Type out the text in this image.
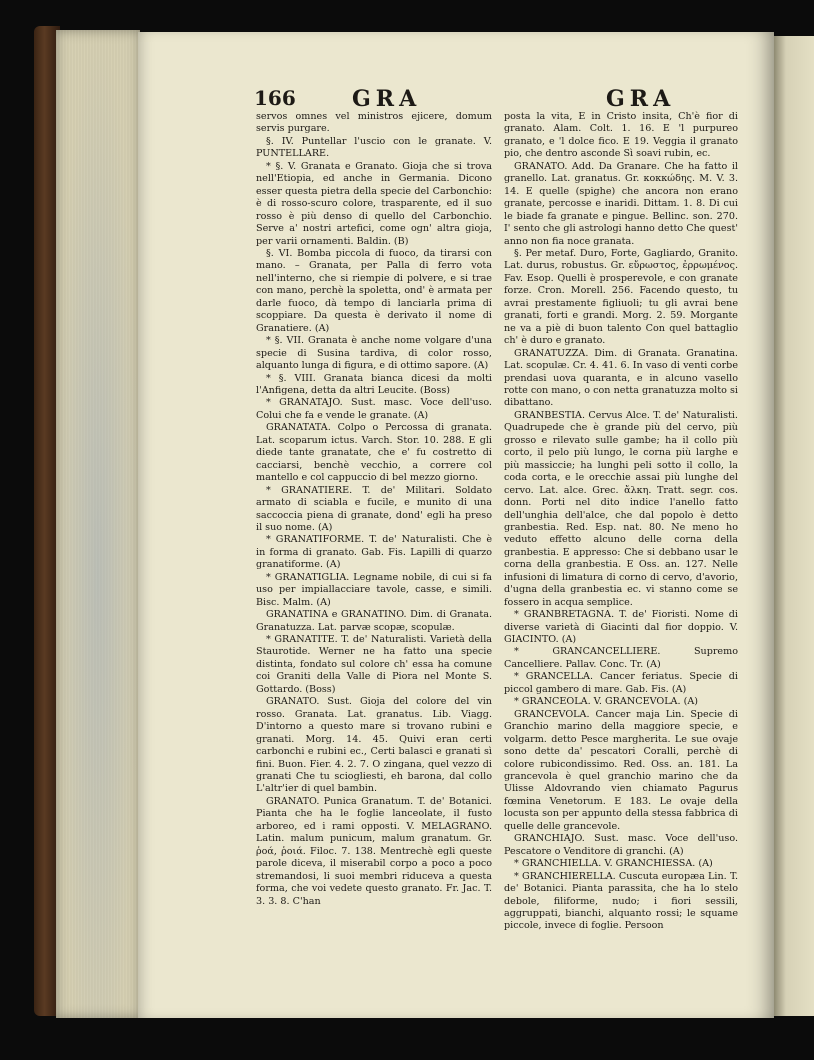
166	GRA	GRA

servos omnes vel ministros ejicere, domum servis purgare.

§. IV. Puntellar l'uscio con le granate. V. PUNTELLARE.

* §. V. Granata e Granato. Gioja che si trova nell'Etiopia, ed anche in Germania. Dicono esser questa pietra della specie del Carbonchio: è di rosso-scuro colore, trasparente, ed il suo rosso è più denso di quello del Carbonchio. Serve a' nostri artefici, come ogn' altra gioja, per varii ornamenti. Baldin. (B)

§. VI. Bomba piccola di fuoco, da tirarsi con mano. – Granata, per Palla di ferro vota nell'interno, che si riempie di polvere, e si trae con mano, perchè la spoletta, ond' è armata per darle fuoco, dà tempo di lanciarla prima di scoppiare. Da questa è derivato il nome di Granatiere. (A)

* §. VII. Granata è anche nome volgare d'una specie di Susina tardiva, di color rosso, alquanto lunga di figura, e di ottimo sapore. (A)

* §. VIII. Granata bianca dicesi da molti l'Anfigena, detta da altri Leucite. (Boss)

* GRANATAJO. Sust. masc. Voce dell'uso. Colui che fa e vende le granate. (A)

GRANATATA. Colpo o Percossa di granata. Lat. scoparum ictus. Varch. Stor. 10. 288. E gli diede tante granatate, che e' fu costretto di cacciarsi, benchè vecchio, a correre col mantello e col cappuccio di bel mezzo giorno.

* GRANATIERE. T. de' Militari. Soldato armato di sciabla e fucile, e munito di una saccoccia piena di granate, dond' egli ha preso il suo nome. (A)

* GRANATIFORME. T. de' Naturalisti. Che è in forma di granato. Gab. Fis. Lapilli di quarzo granatiforme. (A)

* GRANATIGLIA. Legname nobile, di cui si fa uso per impiallacciare tavole, casse, e simili. Bisc. Malm. (A)

GRANATINA e GRANATINO. Dim. di Granata. Granatuzza. Lat. parvæ scopæ, scopulæ.

* GRANATITE. T. de' Naturalisti. Varietà della Staurotide. Werner ne ha fatto una specie distinta, fondato sul colore ch' essa ha comune coi Graniti della Valle di Piora nel Monte S. Gottardo. (Boss)

GRANATO. Sust. Gioja del colore del vin rosso. Granata. Lat. granatus. Lib. Viagg. D'intorno a questo mare si trovano rubini e granati. Morg. 14. 45. Quivi eran certi carbonchi e rubini ec., Certi balasci e granati sì fini. Buon. Fier. 4. 2. 7. O zingana, quel vezzo di granati Che tu sciogliesti, eh barona, dal collo L'altr'ier di quel bambin.

GRANATO. Punica Granatum. T. de' Botanici. Pianta che ha le foglie lanceolate, il fusto arboreo, ed i rami opposti. V. MELAGRANO. Latin. malum punicum, malum granatum. Gr. ῥοά, ῥοιά. Filoc. 7. 138. Mentrechè egli queste parole diceva, il miserabil corpo a poco a poco stremandosi, li suoi membri riduceva a questa forma, che voi vedete questo granato. Fr. Jac. T. 3. 3. 8. C'han

posta la vita, E in Cristo insita, Ch'è fior di granato. Alam. Colt. 1. 16. E 'l purpureo granato, e 'l dolce fico. E 19. Veggia il granato pio, che dentro asconde Sì soavi rubin, ec.

GRANATO. Add. Da Granare. Che ha fatto il granello. Lat. granatus. Gr. κοκκώδης. M. V. 3. 14. E quelle (spighe) che ancora non erano granate, percosse e inaridi. Dittam. 1. 8. Di cui le biade fa granate e pingue. Bellinc. son. 270. I' sento che gli astrologi hanno detto Che quest' anno non fia noce granata.

§. Per metaf. Duro, Forte, Gagliardo, Granito. Lat. durus, robustus. Gr. εὔρωστος, ἐρρωμένος. Fav. Esop. Quelli è prosperevole, e con granate forze. Cron. Morell. 256. Facendo questo, tu avrai prestamente figliuoli; tu gli avrai bene granati, forti e grandi. Morg. 2. 59. Morgante ne va a piè di buon talento Con quel battaglio ch' è duro e granato.

GRANATUZZA. Dim. di Granata. Granatina. Lat. scopulæ. Cr. 4. 41. 6. In vaso di venti corbe prendasi uova quaranta, e in alcuno vasello rotte con mano, o con netta granatuzza molto si dibattano.

GRANBESTIA. Cervus Alce. T. de' Naturalisti. Quadrupede che è grande più del cervo, più grosso e rilevato sulle gambe; ha il collo più corto, il pelo più lungo, le corna più larghe e più massiccie; ha lunghi peli sotto il collo, la coda corta, e le orecchie assai più lunghe del cervo. Lat. alce. Grec. ἄλκη. Tratt. segr. cos. donn. Porti nel dito indice l'anello fatto dell'unghia dell'alce, che dal popolo è detto granbestia. Red. Esp. nat. 80. Ne meno ho veduto effetto alcuno delle corna della granbestia. E appresso: Che si debbano usar le corna della granbestia. E Oss. an. 127. Nelle infusioni di limatura di corno di cervo, d'avorio, d'ugna della granbestia ec. vi stanno come se fossero in acqua semplice.

* GRANBRETAGNA. T. de' Fioristi. Nome di diverse varietà di Giacinti dal fior doppio. V. GIACINTO. (A)

* GRANCANCELLIERE. Supremo Cancelliere. Pallav. Conc. Tr. (A)

* GRANCELLA. Cancer feriatus. Specie di piccol gambero di mare. Gab. Fis. (A)

* GRANCEOLA. V. GRANCEVOLA. (A)

GRANCEVOLA. Cancer maja Lin. Specie di Granchio marino della maggiore specie, e volgarm. detto Pesce margherita. Le sue ovaje sono dette da' pescatori Coralli, perchè di colore rubicondissimo. Red. Oss. an. 181. La grancevola è quel granchio marino che da Ulisse Aldovrando vien chiamato Pagurus fœmina Venetorum. E 183. Le ovaje della locusta son per appunto della stessa fabbrica di quelle delle grancevole.

GRANCHIAJO. Sust. masc. Voce dell'uso. Pescatore o Venditore di granchi. (A)

* GRANCHIELLA. V. GRANCHIESSA. (A)

* GRANCHIERELLA. Cuscuta europæa Lin. T. de' Botanici. Pianta parassita, che ha lo stelo debole, filiforme, nudo; i fiori sessili, aggruppati, bianchi, alquanto rossi; le squame piccole, invece di foglie. Persoon
